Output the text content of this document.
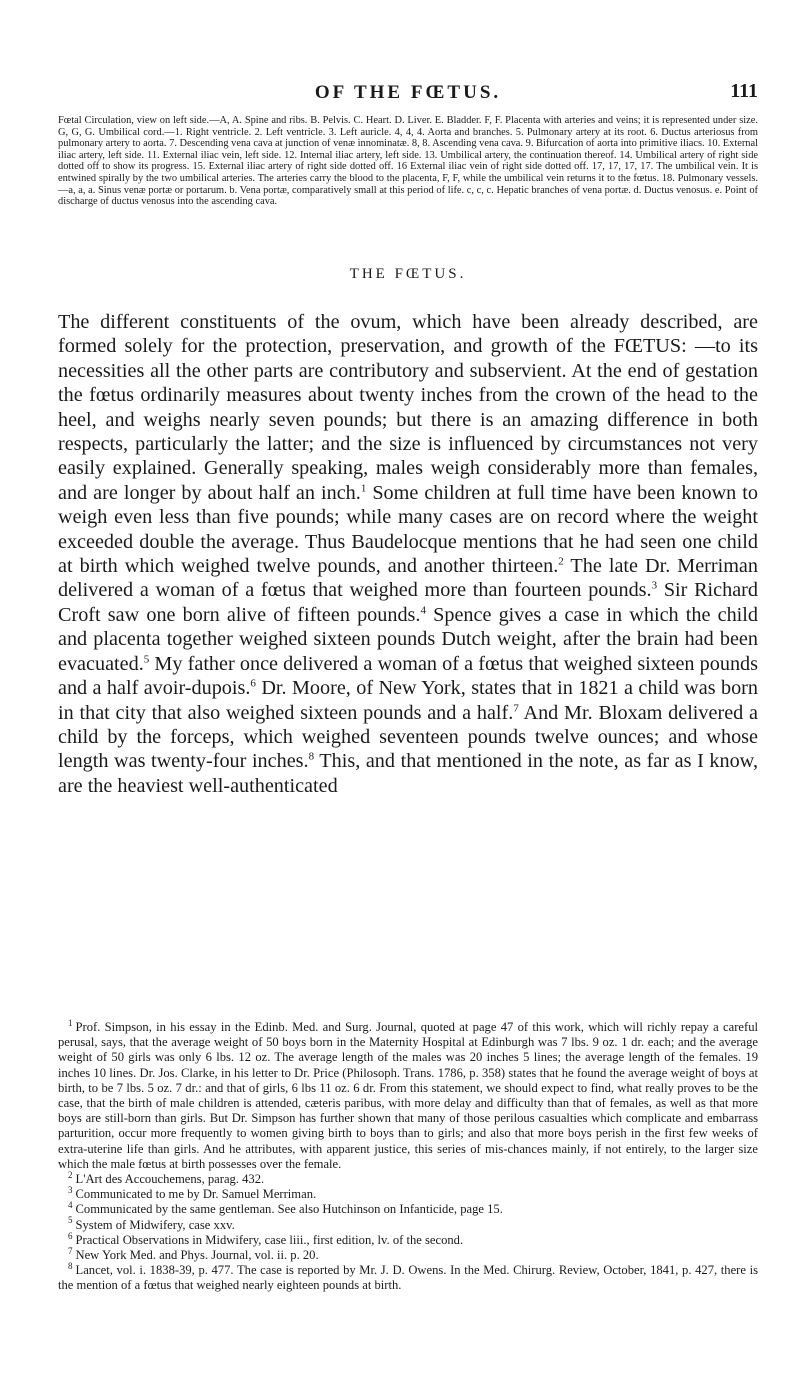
OF THE FŒTUS.	111
Fœtal Circulation, view on left side.—A, A. Spine and ribs. B. Pelvis. C. Heart. D. Liver. E. Bladder. F, F. Placenta with arteries and veins; it is represented under size. G, G, G. Umbilical cord.—1. Right ventricle. 2. Left ventricle. 3. Left auricle. 4, 4, 4. Aorta and branches. 5. Pulmonary artery at its root. 6. Ductus arteriosus from pulmonary artery to aorta. 7. Descending vena cava at junction of venæ innominatæ. 8, 8. Ascending vena cava. 9. Bifurcation of aorta into primitive iliacs. 10. External iliac artery, left side. 11. External iliac vein, left side. 12. Internal iliac artery, left side. 13. Umbilical artery, the continuation thereof. 14. Umbilical artery of right side dotted off to show its progress. 15. External iliac artery of right side dotted off. 16 External iliac vein of right side dotted off. 17, 17, 17, 17. The umbilical vein. It is entwined spirally by the two umbilical arteries. The arteries carry the blood to the placenta, F, F, while the umbilical vein returns it to the fœtus. 18. Pulmonary vessels.—a, a, a. Sinus venæ portæ or portarum. b. Vena portæ, comparatively small at this period of life. c, c, c. Hepatic branches of vena portæ. d. Ductus venosus. e. Point of discharge of ductus venosus into the ascending cava.
THE FŒTUS.

The different constituents of the ovum, which have been already described, are formed solely for the protection, preservation, and growth of the FŒTUS: —to its necessities all the other parts are contributory and subservient. At the end of gestation the fœtus ordinarily measures about twenty inches from the crown of the head to the heel, and weighs nearly seven pounds; but there is an amazing difference in both respects, particularly the latter; and the size is influenced by circumstances not very easily explained. Generally speaking, males weigh considerably more than females, and are longer by about half an inch.$^1$ Some children at full time have been known to weigh even less than five pounds; while many cases are on record where the weight exceeded double the average. Thus Baudelocque mentions that he had seen one child at birth which weighed twelve pounds, and another thirteen.$^2$ The late Dr. Merriman delivered a woman of a fœtus that weighed more than fourteen pounds.$^3$ Sir Richard Croft saw one born alive of fifteen pounds.$^4$ Spence gives a case in which the child and placenta together weighed sixteen pounds Dutch weight, after the brain had been evacuated.$^5$ My father once delivered a woman of a fœtus that weighed sixteen pounds and a half avoir-dupois.$^6$ Dr. Moore, of New York, states that in 1821 a child was born in that city that also weighed sixteen pounds and a half.$^7$ And Mr. Bloxam delivered a child by the forceps, which weighed seventeen pounds twelve ounces; and whose length was twenty-four inches.$^8$ This, and that mentioned in the note, as far as I know, are the heaviest well-authenticated

$^1$ Prof. Simpson, in his essay in the Edinb. Med. and Surg. Journal, quoted at page 47 of this work, which will richly repay a careful perusal, says, that the average weight of 50 boys born in the Maternity Hospital at Edinburgh was 7 lbs. 9 oz. 1 dr. each; and the average weight of 50 girls was only 6 lbs. 12 oz. The average length of the males was 20 inches 5 lines; the average length of the females. 19 inches 10 lines. Dr. Jos. Clarke, in his letter to Dr. Price (Philosoph. Trans. 1786, p. 358) states that he found the average weight of boys at birth, to be 7 lbs. 5 oz. 7 dr.: and that of girls, 6 lbs 11 oz. 6 dr. From this statement, we should expect to find, what really proves to be the case, that the birth of male children is attended, cæteris paribus, with more delay and difficulty than that of females, as well as that more boys are still-born than girls. But Dr. Simpson has further shown that many of those perilous casualties which complicate and embarrass parturition, occur more frequently to women giving birth to boys than to girls; and also that more boys perish in the first few weeks of extra-uterine life than girls. And he attributes, with apparent justice, this series of mis-chances mainly, if not entirely, to the larger size which the male fœtus at birth possesses over the female.

$^2$ L'Art des Accouchemens, parag. 432.

$^3$ Communicated to me by Dr. Samuel Merriman.

$^4$ Communicated by the same gentleman. See also Hutchinson on Infanticide, page 15.

$^5$ System of Midwifery, case xxv.

$^6$ Practical Observations in Midwifery, case liii., first edition, lv. of the second.

$^7$ New York Med. and Phys. Journal, vol. ii. p. 20.

$^8$ Lancet, vol. i. 1838-39, p. 477. The case is reported by Mr. J. D. Owens. In the Med. Chirurg. Review, October, 1841, p. 427, there is the mention of a fœtus that weighed nearly eighteen pounds at birth.
